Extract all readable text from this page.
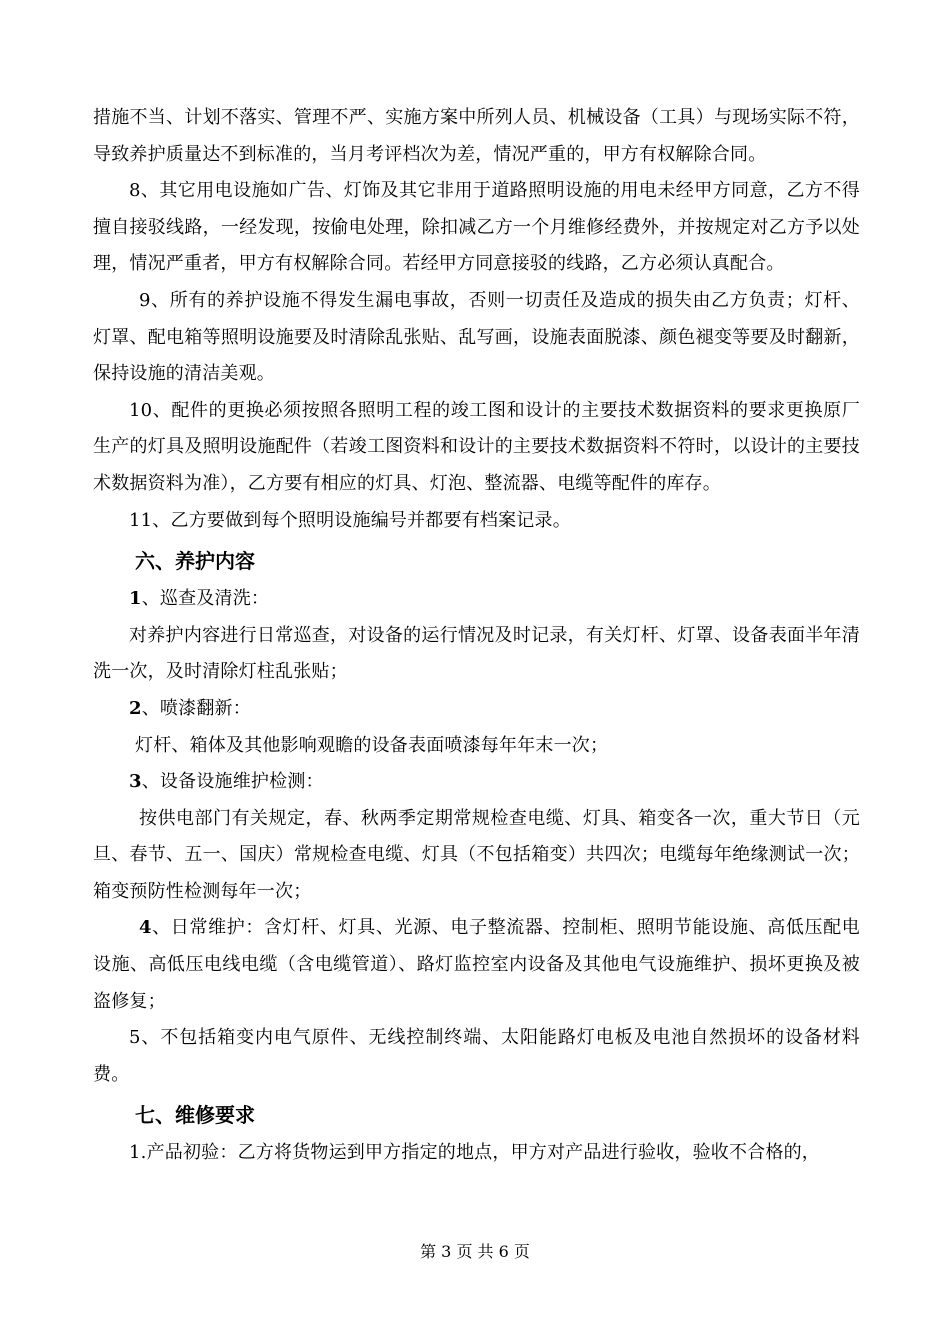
措施不当、计划不落实、管理不严、实施方案中所列人员、机械设备（工具）与现场实际不符，导致养护质量达不到标准的，当月考评档次为差，情况严重的，甲方有权解除合同。

8、其它用电设施如广告、灯饰及其它非用于道路照明设施的用电未经甲方同意，乙方不得擅自接驳线路，一经发现，按偷电处理，除扣减乙方一个月维修经费外，并按规定对乙方予以处理，情况严重者，甲方有权解除合同。若经甲方同意接驳的线路，乙方必须认真配合。

9、所有的养护设施不得发生漏电事故，否则一切责任及造成的损失由乙方负责；灯杆、灯罩、配电箱等照明设施要及时清除乱张贴、乱写画，设施表面脱漆、颜色褪变等要及时翻新，保持设施的清洁美观。

10、配件的更换必须按照各照明工程的竣工图和设计的主要技术数据资料的要求更换原厂生产的灯具及照明设施配件（若竣工图资料和设计的主要技术数据资料不符时，以设计的主要技术数据资料为准），乙方要有相应的灯具、灯泡、整流器、电缆等配件的库存。

11、乙方要做到每个照明设施编号并都要有档案记录。

六、养护内容

1、巡查及清洗：

对养护内容进行日常巡查，对设备的运行情况及时记录，有关灯杆、灯罩、设备表面半年清洗一次，及时清除灯柱乱张贴；

2、喷漆翻新：

灯杆、箱体及其他影响观瞻的设备表面喷漆每年年末一次；

3、设备设施维护检测：

按供电部门有关规定，春、秋两季定期常规检查电缆、灯具、箱变各一次，重大节日（元旦、春节、五一、国庆）常规检查电缆、灯具（不包括箱变）共四次；电缆每年绝缘测试一次；箱变预防性检测每年一次；

4、日常维护：含灯杆、灯具、光源、电子整流器、控制柜、照明节能设施、高低压配电设施、高低压电线电缆（含电缆管道）、路灯监控室内设备及其他电气设施维护、损坏更换及被盗修复；

5、不包括箱变内电气原件、无线控制终端、太阳能路灯电板及电池自然损坏的设备材料费。

七、维修要求

1.产品初验：乙方将货物运到甲方指定的地点，甲方对产品进行验收，验收不合格的，

第 3 页 共 6 页
